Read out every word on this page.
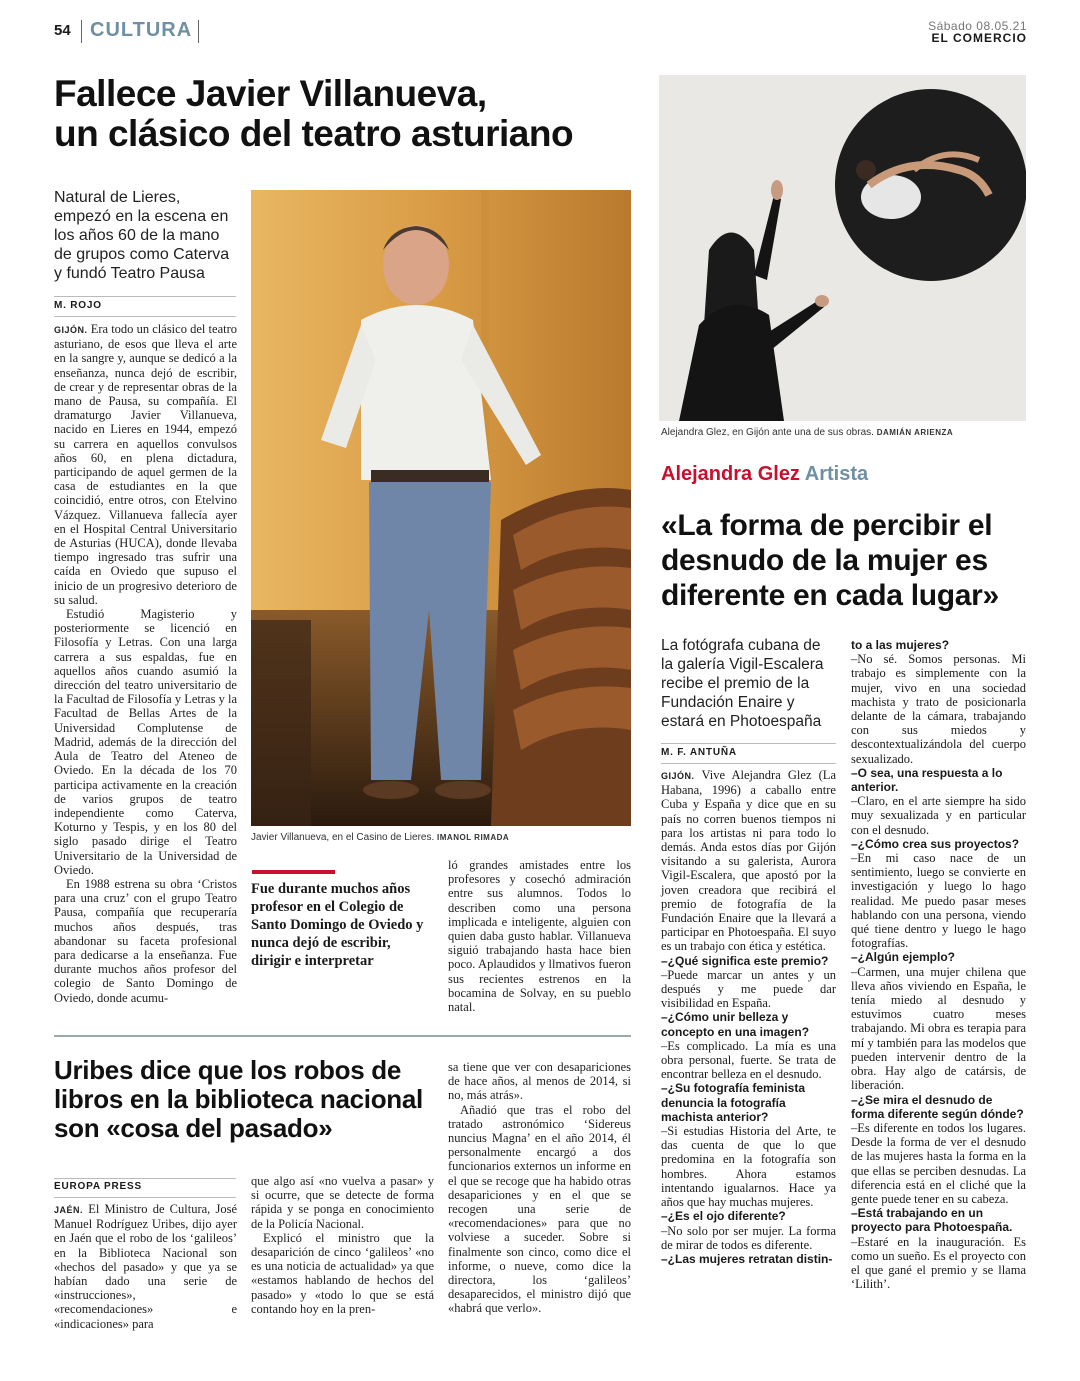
54 CULTURA	Sábado 08.05.21
EL COMERCIO
Fallece Javier Villanueva,
un clásico del teatro asturiano
Natural de Lieres, empezó en la escena en los años 60 de la mano de grupos como Caterva y fundó Teatro Pausa
M. ROJO

GIJÓN. Era todo un clásico del teatro asturiano, de esos que lleva el arte en la sangre y, aunque se dedicó a la enseñanza, nunca dejó de escribir, de crear y de representar obras de la mano de Pausa, su compañía. El dramaturgo Javier Villanueva, nacido en Lieres en 1944, empezó su carrera en aquellos convulsos años 60, en plena dictadura, participando de aquel germen de la casa de estudiantes en la que coincidió, entre otros, con Etelvino Vázquez. Villanueva fallecía ayer en el Hospital Central Universitario de Asturias (HUCA), donde llevaba tiempo ingresado tras sufrir una caída en Oviedo que supuso el inicio de un progresivo deterioro de su salud.

Estudió Magisterio y posteriormente se licenció en Filosofía y Letras. Con una larga carrera a sus espaldas, fue en aquellos años cuando asumió la dirección del teatro universitario de la Facultad de Filosofía y Letras y la Facultad de Bellas Artes de la Universidad Complutense de Madrid, además de la dirección del Aula de Teatro del Ateneo de Oviedo. En la década de los 70 participa activamente en la creación de varios grupos de teatro independiente como Caterva, Koturno y Tespis, y en los 80 del siglo pasado dirige el Teatro Universitario de la Universidad de Oviedo.

En 1988 estrena su obra ‘Cristos para una cruz’ con el grupo Teatro Pausa, compañía que recuperaría muchos años después, tras abandonar su faceta profesional para dedicarse a la enseñanza. Fue durante muchos años profesor del colegio de Santo Domingo de Oviedo, donde acumu-

Javier Villanueva, en el Casino de Lieres. IMANOL RIMADA
Fue durante muchos años profesor en el Colegio de Santo Domingo de Oviedo y nunca dejó de escribir, dirigir e interpretar

ló grandes amistades entre los profesores y cosechó admiración entre sus alumnos. Todos lo describen como una persona implicada e inteligente, alguien con quien daba gusto hablar. Villanueva siguió trabajando hasta hace bien poco. Aplaudidos y llmativos fueron sus recientes estrenos en la bocamina de Solvay, en su pueblo natal.

Uribes dice que los robos de
libros en la biblioteca nacional
son «cosa del pasado»
EUROPA PRESS

JAÉN. El Ministro de Cultura, José Manuel Rodríguez Uribes, dijo ayer en Jaén que el robo de los ‘galileos’ en la Biblioteca Nacional son «hechos del pasado» y que ya se habían dado una serie de «instrucciones», «recomendaciones» e «indicaciones» para

que algo así «no vuelva a pasar» y si ocurre, que se detecte de forma rápida y se ponga en conocimiento de la Policía Nacional.

Explicó el ministro que la desaparición de cinco ‘galileos’ «no es una noticia de actualidad» ya que «estamos hablando de hechos del pasado» y «todo lo que se está contando hoy en la pren-

sa tiene que ver con desapariciones de hace años, al menos de 2014, si no, más atrás».

Añadió que tras el robo del tratado astronómico ‘Sidereus nuncius Magna’ en el año 2014, él personalmente encargó a dos funcionarios externos un informe en el que se recoge que ha habido otras desapariciones y en el que se recogen una serie de «recomendaciones» para que no volviese a suceder. Sobre si finalmente son cinco, como dice el informe, o nueve, como dice la directora, los ‘galileos’ desaparecidos, el ministro dijó que «habrá que verlo».

Alejandra Glez, en Gijón ante una de sus obras. DAMIÁN ARIENZA
Alejandra Glez Artista
«La forma de percibir el
desnudo de la mujer es
diferente en cada lugar»
La fotógrafa cubana de la galería Vigil-Escalera recibe el premio de la Fundación Enaire y estará en Photoespaña
M. F. ANTUÑA

GIJÓN. Vive Alejandra Glez (La Habana, 1996) a caballo entre Cuba y España y dice que en su país no corren buenos tiempos ni para los artistas ni para todo lo demás. Anda estos días por Gijón visitando a su galerista, Aurora Vigil-Escalera, que apostó por la joven creadora que recibirá el premio de fotografía de la Fundación Enaire que la llevará a participar en Photoespaña. El suyo es un trabajo con ética y estética.

–¿Qué significa este premio?

–Puede marcar un antes y un después y me puede dar visibilidad en España.

–¿Cómo unir belleza y concepto en una imagen?

–Es complicado. La mía es una obra personal, fuerte. Se trata de encontrar belleza en el desnudo.

–¿Su fotografía feminista denuncia la fotografía machista anterior?

–Si estudias Historia del Arte, te das cuenta de que lo que predomina en la fotografía son hombres. Ahora estamos intentando igualarnos. Hace ya años que hay muchas mujeres.

–¿Es el ojo diferente?

–No solo por ser mujer. La forma de mirar de todos es diferente.

–¿Las mujeres retratan distin-

to a las mujeres?

–No sé. Somos personas. Mi trabajo es simplemente con la mujer, vivo en una sociedad machista y trato de posicionarla delante de la cámara, trabajando con sus miedos y descontextualizándola del cuerpo sexualizado.

–O sea, una respuesta a lo anterior.

–Claro, en el arte siempre ha sido muy sexualizada y en particular con el desnudo.

–¿Cómo crea sus proyectos?

–En mi caso nace de un sentimiento, luego se convierte en investigación y luego lo hago realidad. Me puedo pasar meses hablando con una persona, viendo qué tiene dentro y luego le hago fotografías.

–¿Algún ejemplo?

–Carmen, una mujer chilena que lleva años viviendo en España, le tenía miedo al desnudo y estuvimos cuatro meses trabajando. Mi obra es terapia para mí y también para las modelos que pueden intervenir dentro de la obra. Hay algo de catársis, de liberación.

–¿Se mira el desnudo de forma diferente según dónde?

–Es diferente en todos los lugares. Desde la forma de ver el desnudo de las mujeres hasta la forma en la que ellas se perciben desnudas. La diferencia está en el cliché que la gente puede tener en su cabeza.

–Está trabajando en un proyecto para Photoespaña.

–Estaré en la inauguración. Es como un sueño. Es el proyecto con el que gané el premio y se llama ‘Lilith’.
